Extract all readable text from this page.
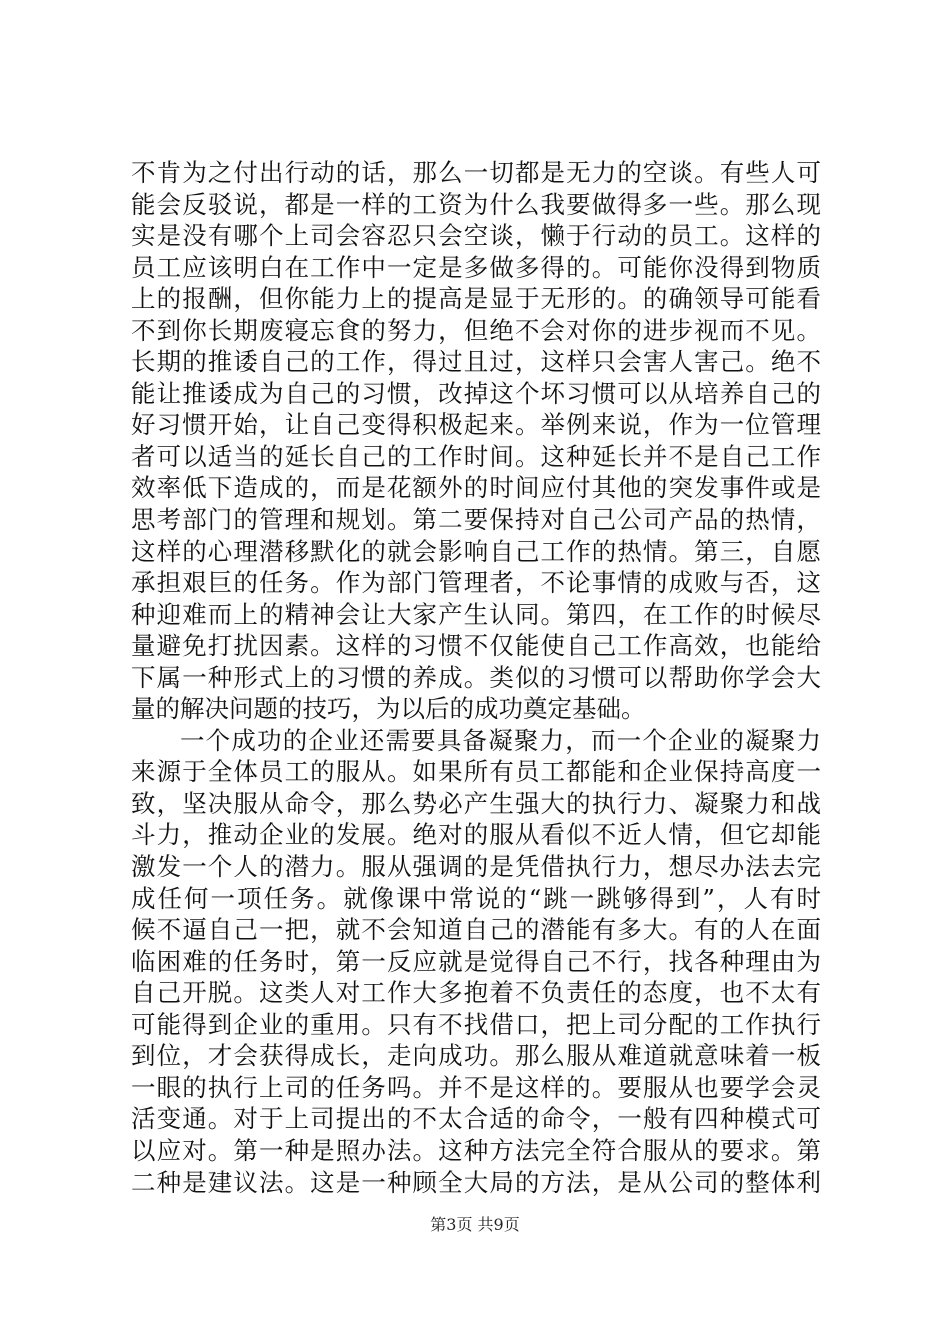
不肯为之付出行动的话，那么一切都是无力的空谈。有些人可
能会反驳说，都是一样的工资为什么我要做得多一些。那么现
实是没有哪个上司会容忍只会空谈，懒于行动的员工。这样的
员工应该明白在工作中一定是多做多得的。可能你没得到物质
上的报酬，但你能力上的提高是显于无形的。的确领导可能看
不到你长期废寝忘食的努力，但绝不会对你的进步视而不见。
长期的推诿自己的工作，得过且过，这样只会害人害己。绝不
能让推诿成为自己的习惯，改掉这个坏习惯可以从培养自己的
好习惯开始，让自己变得积极起来。举例来说，作为一位管理
者可以适当的延长自己的工作时间。这种延长并不是自己工作
效率低下造成的，而是花额外的时间应付其他的突发事件或是
思考部门的管理和规划。第二要保持对自己公司产品的热情，
这样的心理潜移默化的就会影响自己工作的热情。第三，自愿
承担艰巨的任务。作为部门管理者，不论事情的成败与否，这
种迎难而上的精神会让大家产生认同。第四，在工作的时候尽
量避免打扰因素。这样的习惯不仅能使自己工作高效，也能给
下属一种形式上的习惯的养成。类似的习惯可以帮助你学会大
量的解决问题的技巧，为以后的成功奠定基础。
一个成功的企业还需要具备凝聚力，而一个企业的凝聚力
来源于全体员工的服从。如果所有员工都能和企业保持高度一
致，坚决服从命令，那么势必产生强大的执行力、凝聚力和战
斗力，推动企业的发展。绝对的服从看似不近人情，但它却能
激发一个人的潜力。服从强调的是凭借执行力，想尽办法去完
成任何一项任务。就像课中常说的“跳一跳够得到”，人有时
候不逼自己一把，就不会知道自己的潜能有多大。有的人在面
临困难的任务时，第一反应就是觉得自己不行，找各种理由为
自己开脱。这类人对工作大多抱着不负责任的态度，也不太有
可能得到企业的重用。只有不找借口，把上司分配的工作执行
到位，才会获得成长，走向成功。那么服从难道就意味着一板
一眼的执行上司的任务吗。并不是这样的。要服从也要学会灵
活变通。对于上司提出的不太合适的命令，一般有四种模式可
以应对。第一种是照办法。这种方法完全符合服从的要求。第
二种是建议法。这是一种顾全大局的方法，是从公司的整体利
第3页 共9页
